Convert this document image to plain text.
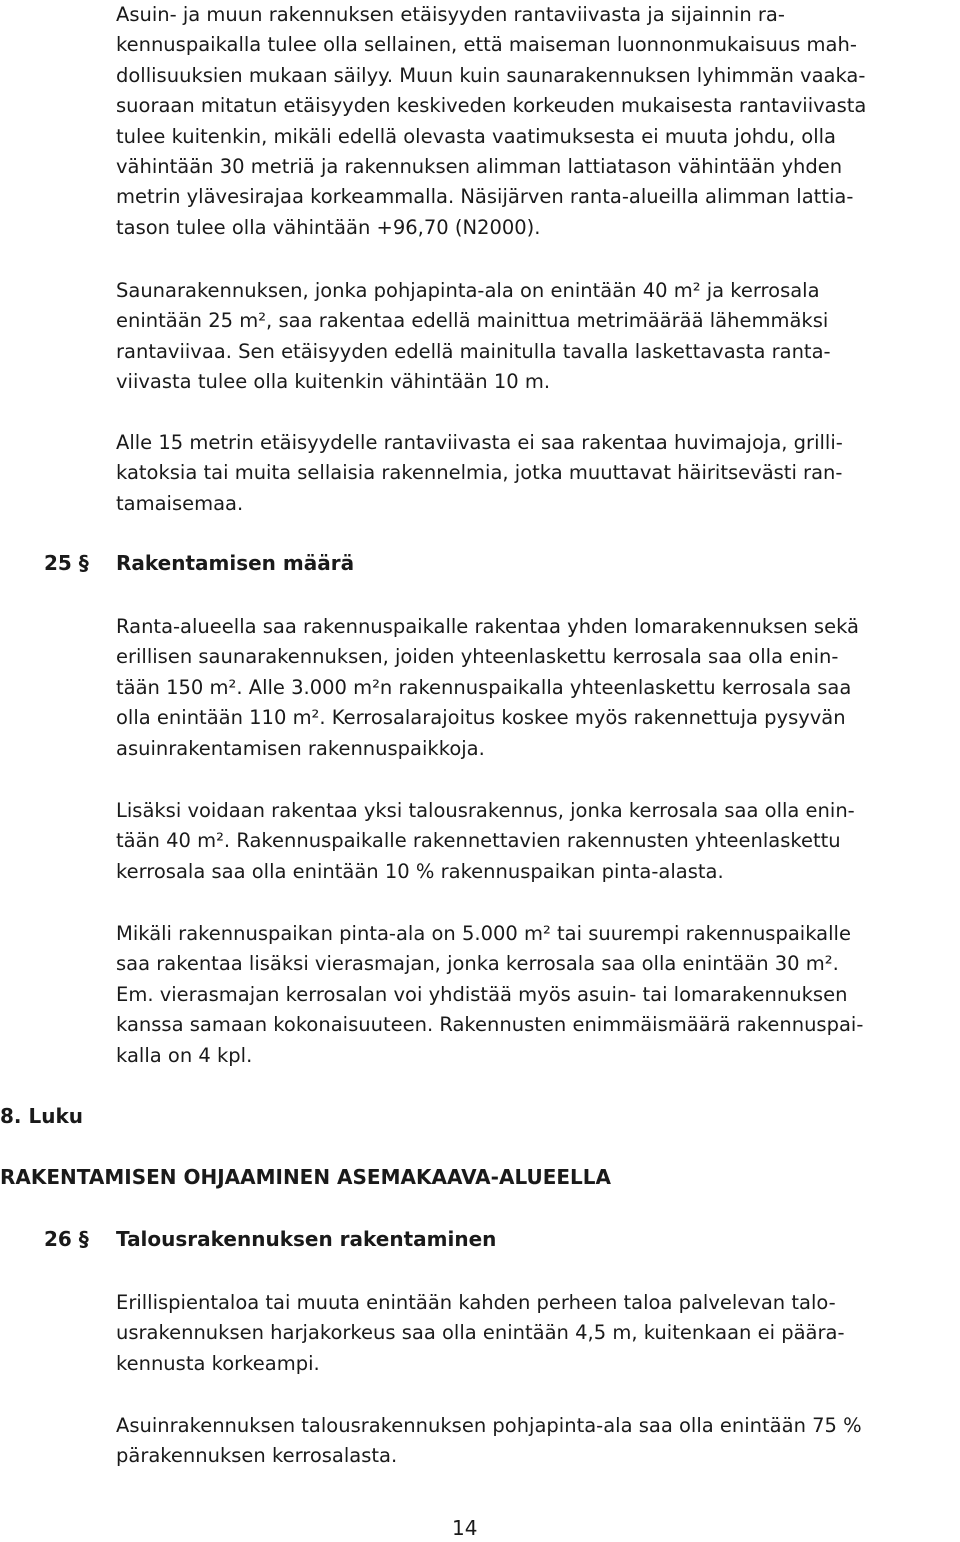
Asuin- ja muun rakennuksen etäisyyden rantaviivasta ja sijainnin ra-
kennuspaikalla tulee olla sellainen, että maiseman luonnonmukaisuus mah-
dollisuuksien mukaan säilyy. Muun kuin saunarakennuksen lyhimmän vaaka-
suoraan mitatun etäisyyden keskiveden korkeuden mukaisesta rantaviivasta
tulee kuitenkin, mikäli edellä olevasta vaatimuksesta ei muuta johdu, olla
vähintään 30 metriä ja rakennuksen alimman lattiatason vähintään yhden
metrin ylävesirajaa korkeammalla. Näsijärven ranta-alueilla alimman lattia-
tason tulee olla vähintään +96,70 (N2000).
Saunarakennuksen, jonka pohjapinta-ala on enintään 40 m² ja kerrosala
enintään 25 m², saa rakentaa edellä mainittua metrimäärää lähemmäksi
rantaviivaa. Sen etäisyyden edellä mainitulla tavalla laskettavasta ranta-
viivasta tulee olla kuitenkin vähintään 10 m.
Alle 15 metrin etäisyydelle rantaviivasta ei saa rakentaa huvimajoja, grilli-
katoksia tai muita sellaisia rakennelmia, jotka muuttavat häiritsevästi ran-
tamaisemaa.
25 § Rakentamisen määrä
Ranta-alueella saa rakennuspaikalle rakentaa yhden lomarakennuksen sekä
erillisen saunarakennuksen, joiden yhteenlaskettu kerrosala saa olla enin-
tään 150 m². Alle 3.000 m²n rakennuspaikalla yhteenlaskettu kerrosala saa
olla enintään 110 m². Kerrosalarajoitus koskee myös rakennettuja pysyvän
asuinrakentamisen rakennuspaikkoja.
Lisäksi voidaan rakentaa yksi talousrakennus, jonka kerrosala saa olla enin-
tään 40 m². Rakennuspaikalle rakennettavien rakennusten yhteenlaskettu
kerrosala saa olla enintään 10 % rakennuspaikan pinta-alasta.
Mikäli rakennuspaikan pinta-ala on 5.000 m² tai suurempi rakennuspaikalle
saa rakentaa lisäksi vierasmajan, jonka kerrosala saa olla enintään 30 m².
Em. vierasmajan kerrosalan voi yhdistää myös asuin- tai lomarakennuksen
kanssa samaan kokonaisuuteen. Rakennusten enimmäismäärä rakennuspai-
kalla on 4 kpl.
8. Luku
RAKENTAMISEN OHJAAMINEN ASEMAKAAVA-ALUEELLA
26 § Talousrakennuksen rakentaminen
Erillispientaloa tai muuta enintään kahden perheen taloa palvelevan talo-
usrakennuksen harjakorkeus saa olla enintään 4,5 m, kuitenkaan ei päära-
kennusta korkeampi.
Asuinrakennuksen talousrakennuksen pohjapinta-ala saa olla enintään 75 %
pärakennuksen kerrosalasta.
14
